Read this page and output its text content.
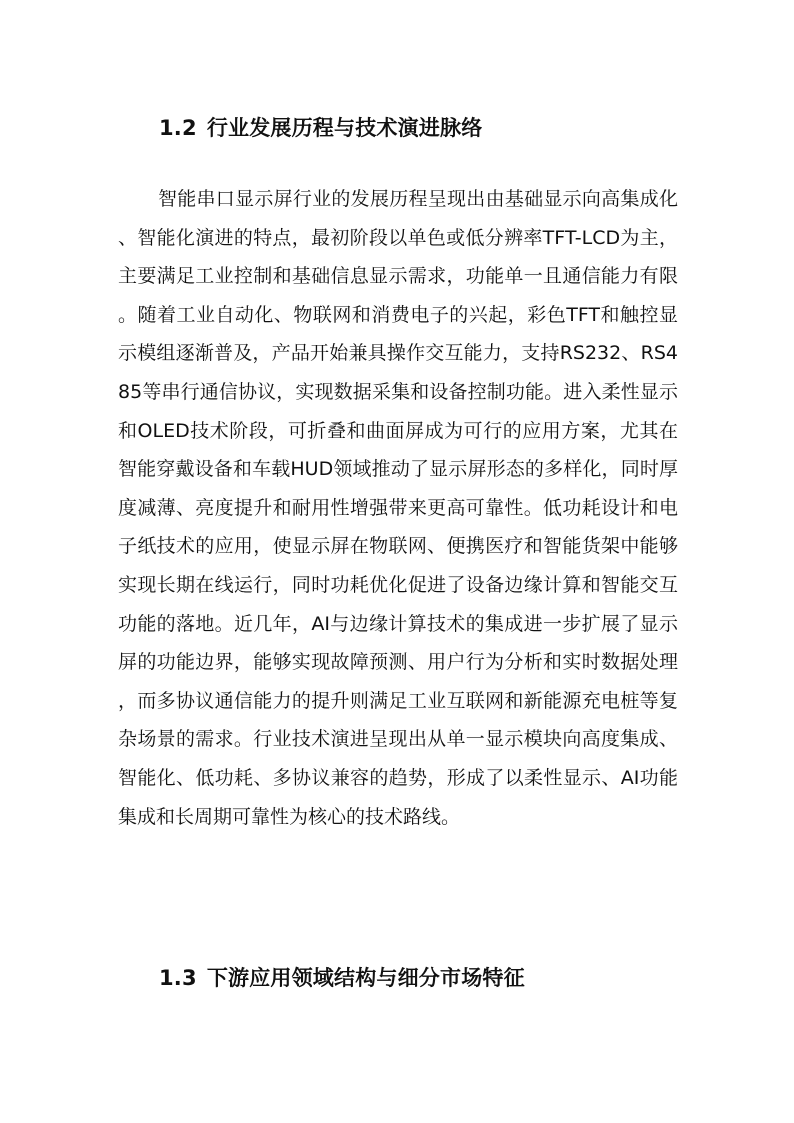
1.2 行业发展历程与技术演进脉络

智能串口显示屏行业的发展历程呈现出由基础显示向高集成化、智能化演进的特点，最初阶段以单色或低分辨率TFT-LCD为主，主要满足工业控制和基础信息显示需求，功能单一且通信能力有限。随着工业自动化、物联网和消费电子的兴起，彩色TFT和触控显示模组逐渐普及，产品开始兼具操作交互能力，支持RS232、RS485等串行通信协议，实现数据采集和设备控制功能。进入柔性显示和OLED技术阶段，可折叠和曲面屏成为可行的应用方案，尤其在智能穿戴设备和车载HUD领域推动了显示屏形态的多样化，同时厚度减薄、亮度提升和耐用性增强带来更高可靠性。低功耗设计和电子纸技术的应用，使显示屏在物联网、便携医疗和智能货架中能够实现长期在线运行，同时功耗优化促进了设备边缘计算和智能交互功能的落地。近几年，AI与边缘计算技术的集成进一步扩展了显示屏的功能边界，能够实现故障预测、用户行为分析和实时数据处理，而多协议通信能力的提升则满足工业互联网和新能源充电桩等复杂场景的需求。行业技术演进呈现出从单一显示模块向高度集成、智能化、低功耗、多协议兼容的趋势，形成了以柔性显示、AI功能集成和长周期可靠性为核心的技术路线。

1.3 下游应用领域结构与细分市场特征
